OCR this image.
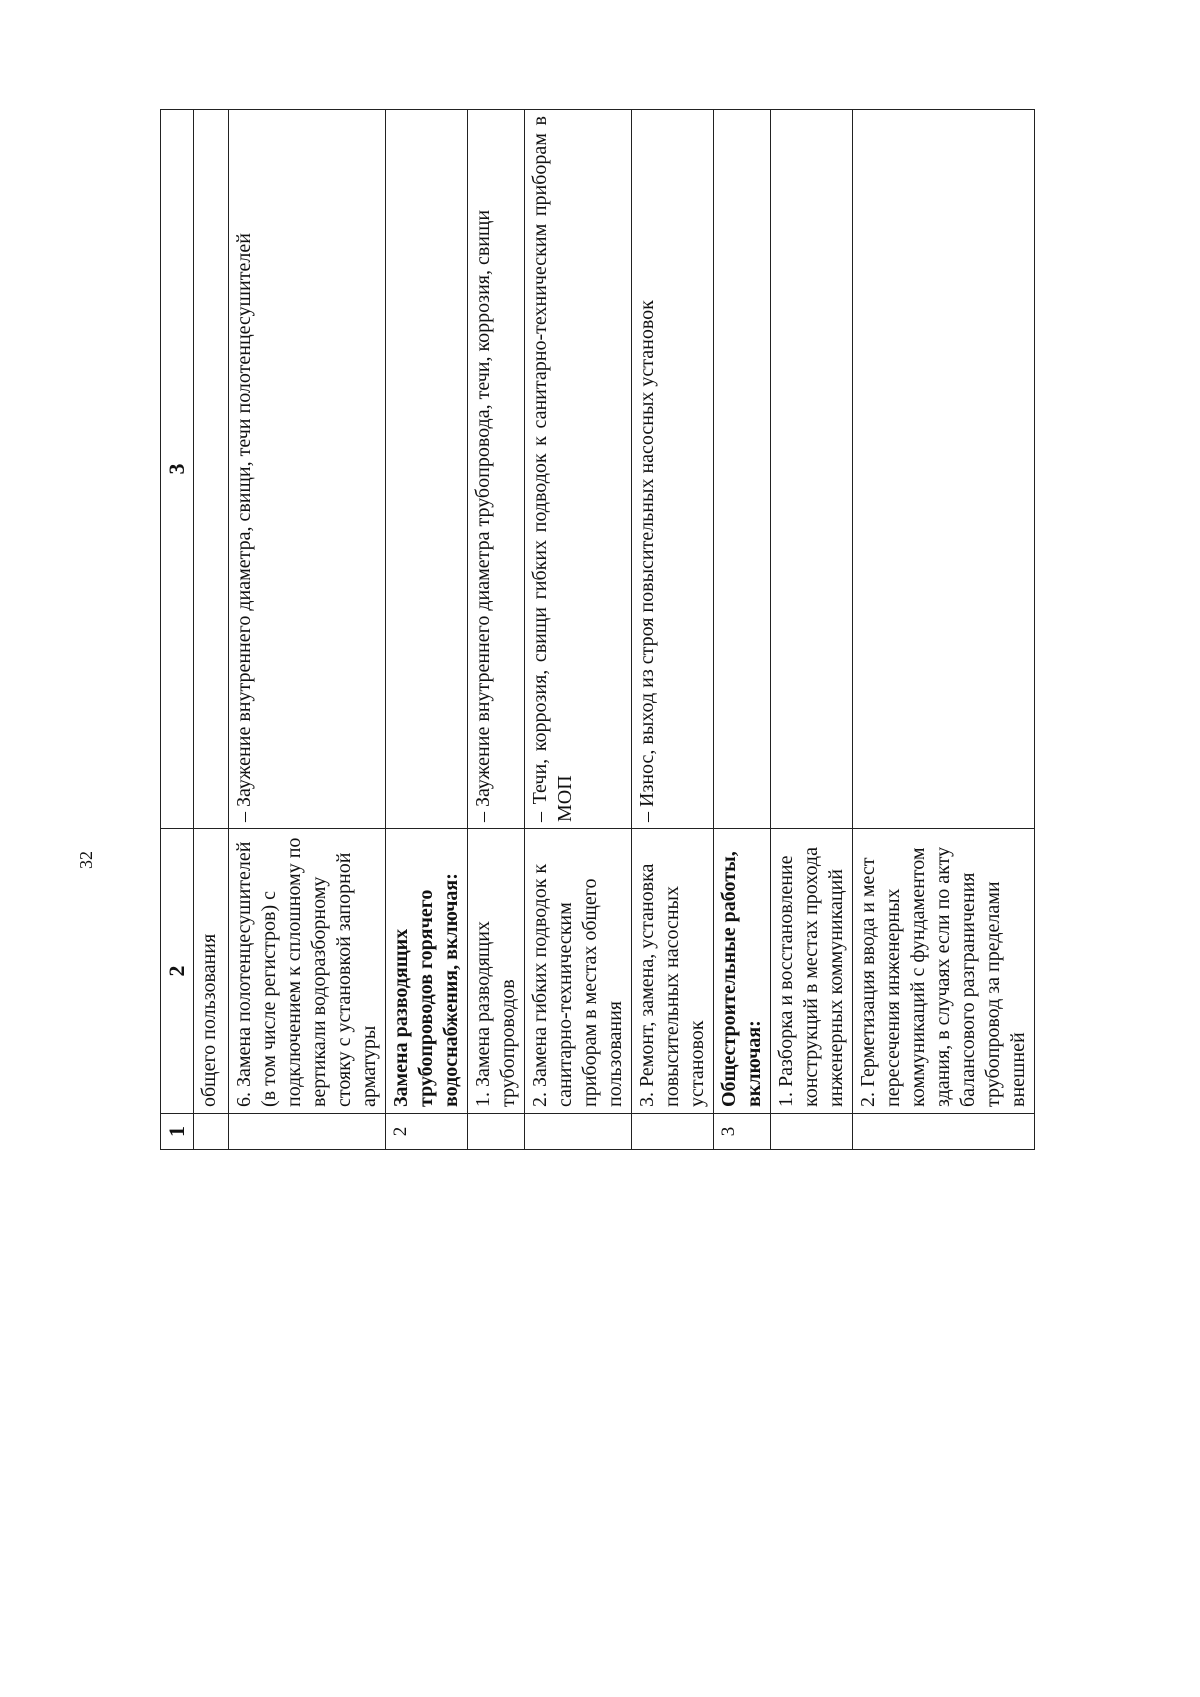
32
1	2	3
	общего пользования	
	6. Замена полотенцесушителей (в том числе регистров) с подключением к сплошному по вертикали водоразборному стояку с установкой запорной арматуры	– Заужение внутреннего диаметра, свищи, течи полотенцесушителей
2	Замена разводящих трубопроводов горячего водоснабжения, включая:	
	1. Замена разводящих трубопроводов	– Заужение внутреннего диаметра трубопровода, течи, коррозия, свищи
	2. Замена гибких подводок к санитарно-техническим приборам в местах общего пользования	– Течи, коррозия, свищи гибких подводок к санитарно-техническим приборам в МОП
	3. Ремонт, замена, установка повысительных насосных установок	– Износ, выход из строя повысительных насосных установок
3	Общестроительные работы, включая:	
	1. Разборка и восстановление конструкций в местах прохода инженерных коммуникаций	
	2. Герметизация ввода и мест пересечения инженерных коммуникаций с фундаментом здания, в случаях если по акту балансового разграничения трубопровод за пределами внешней	
